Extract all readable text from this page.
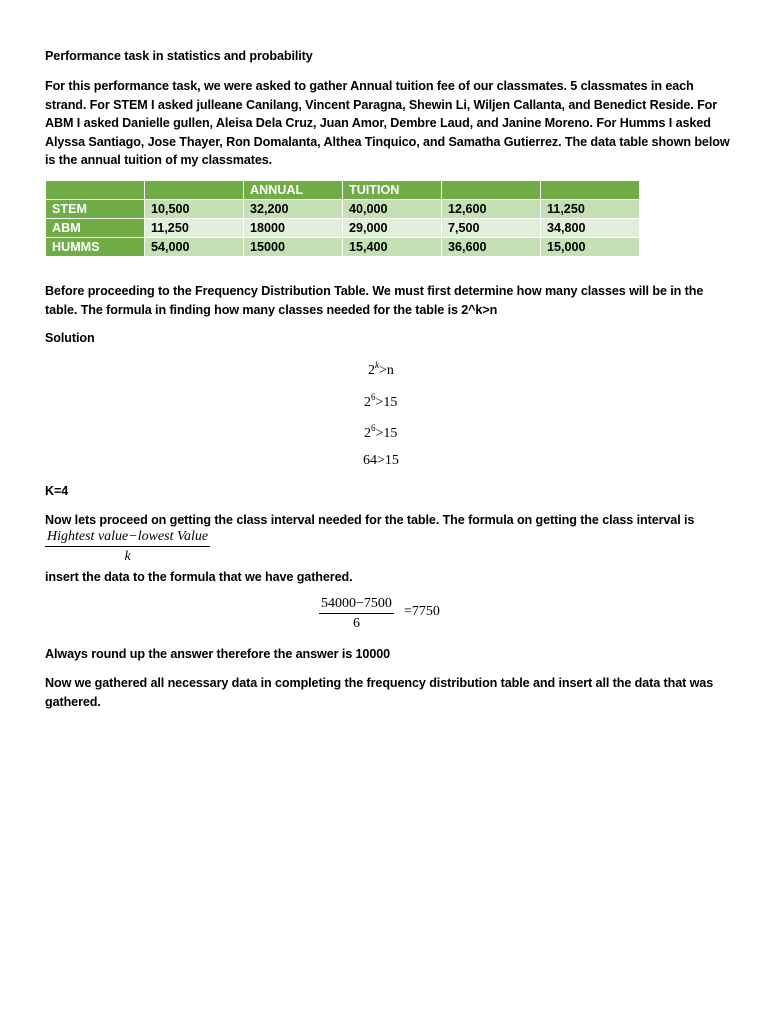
Performance task in statistics and probability
For this performance task, we were asked to gather Annual tuition fee of our classmates. 5 classmates in each strand. For STEM I asked julleane Canilang, Vincent Paragna, Shewin Li, Wiljen Callanta, and Benedict Reside. For ABM I asked Danielle gullen, Aleisa Dela Cruz, Juan Amor, Dembre Laud, and Janine Moreno. For Humms I asked Alyssa Santiago, Jose Thayer, Ron Domalanta, Althea Tinquico, and Samatha Gutierrez. The data table shown below is the annual tuition of my classmates.
		ANNUAL	TUITION		
STEM	10,500	32,200	40,000	12,600	11,250
ABM	11,250	18000	29,000	7,500	34,800
HUMMS	54,000	15000	15,400	36,600	15,000
Before proceeding to the Frequency Distribution Table. We must first determine how many classes will be in the table. The formula in finding how many classes needed for the table is 2^k>n
Solution
$2^k>n$
$2^6>15$
$2^6>15$
64>15
K=4
Now lets proceed on getting the class interval needed for the table. The formula on getting the class interval is
Hightest value−lowest Value
k
insert the data to the formula that we have gathered.
$\frac{54000-7500}{6} =7750$
Always round up the answer therefore the answer is 10000
Now we gathered all necessary data in completing the frequency distribution table and insert all the data that was gathered.
